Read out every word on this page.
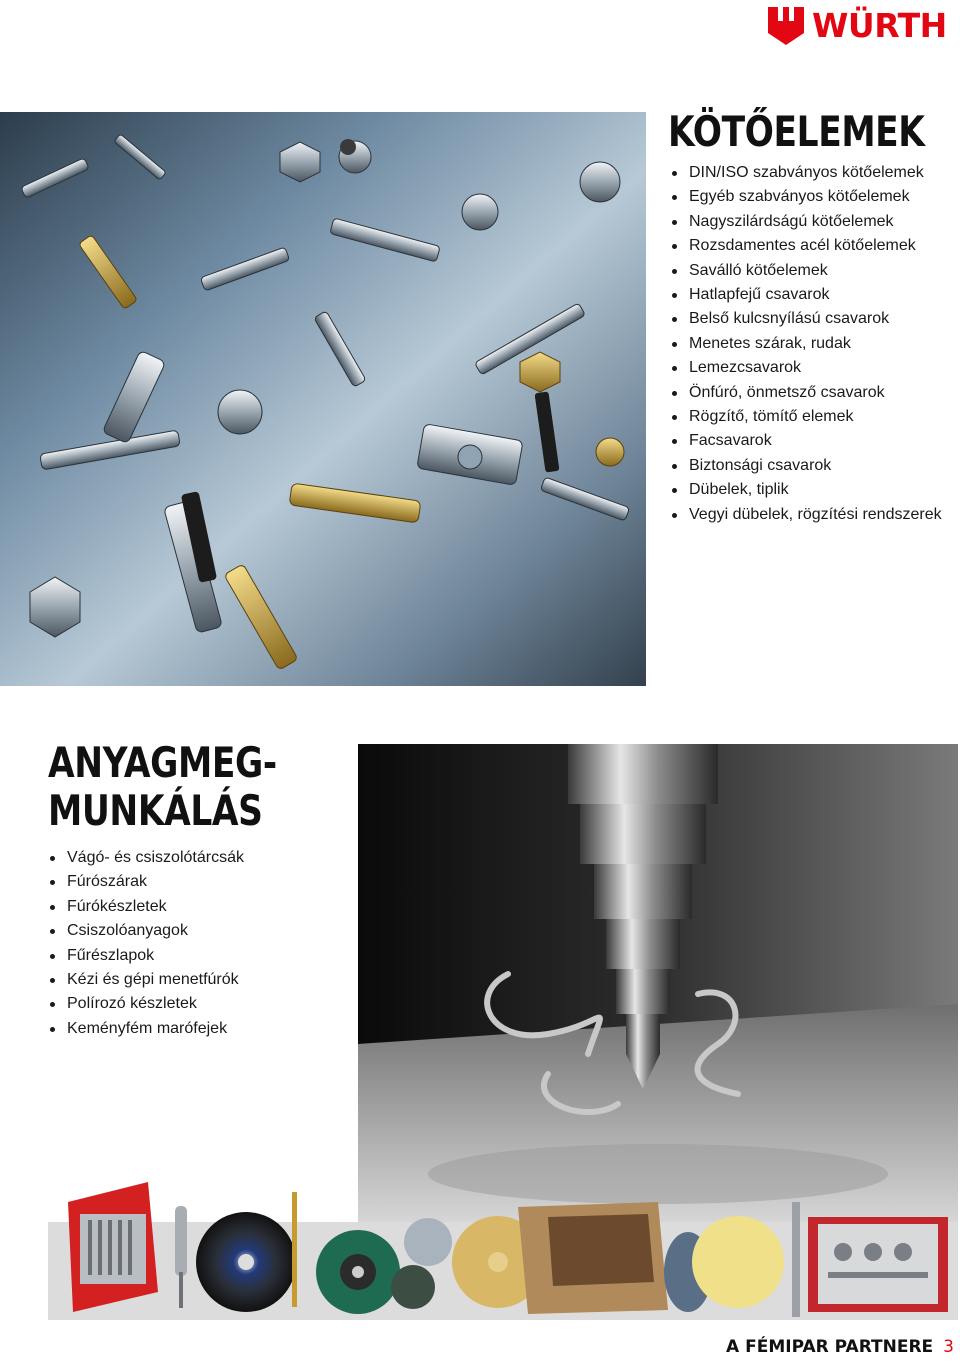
WÜRTH
KÖTŐELEMEK
DIN/ISO szabványos kötőelemek
Egyéb szabványos kötőelemek
Nagyszilárdságú kötőelemek
Rozsdamentes acél kötőelemek
Saválló kötőelemek
Hatlapfejű csavarok
Belső kulcsnyílású csavarok
Menetes szárak, rudak
Lemezcsavarok
Önfúró, önmetsző csavarok
Rögzítő, tömítő elemek
Facsavarok
Biztonsági csavarok
Dübelek, tiplik
Vegyi dübelek, rögzítési rendszerek
ANYAGMEG-
MUNKÁLÁS
Vágó- és csiszolótárcsák
Fúrószárak
Fúrókészletek
Csiszolóanyagok
Fűrészlapok
Kézi és gépi menetfúrók
Polírozó készletek
Keményfém marófejek
A FÉMIPAR PARTNERE 3
